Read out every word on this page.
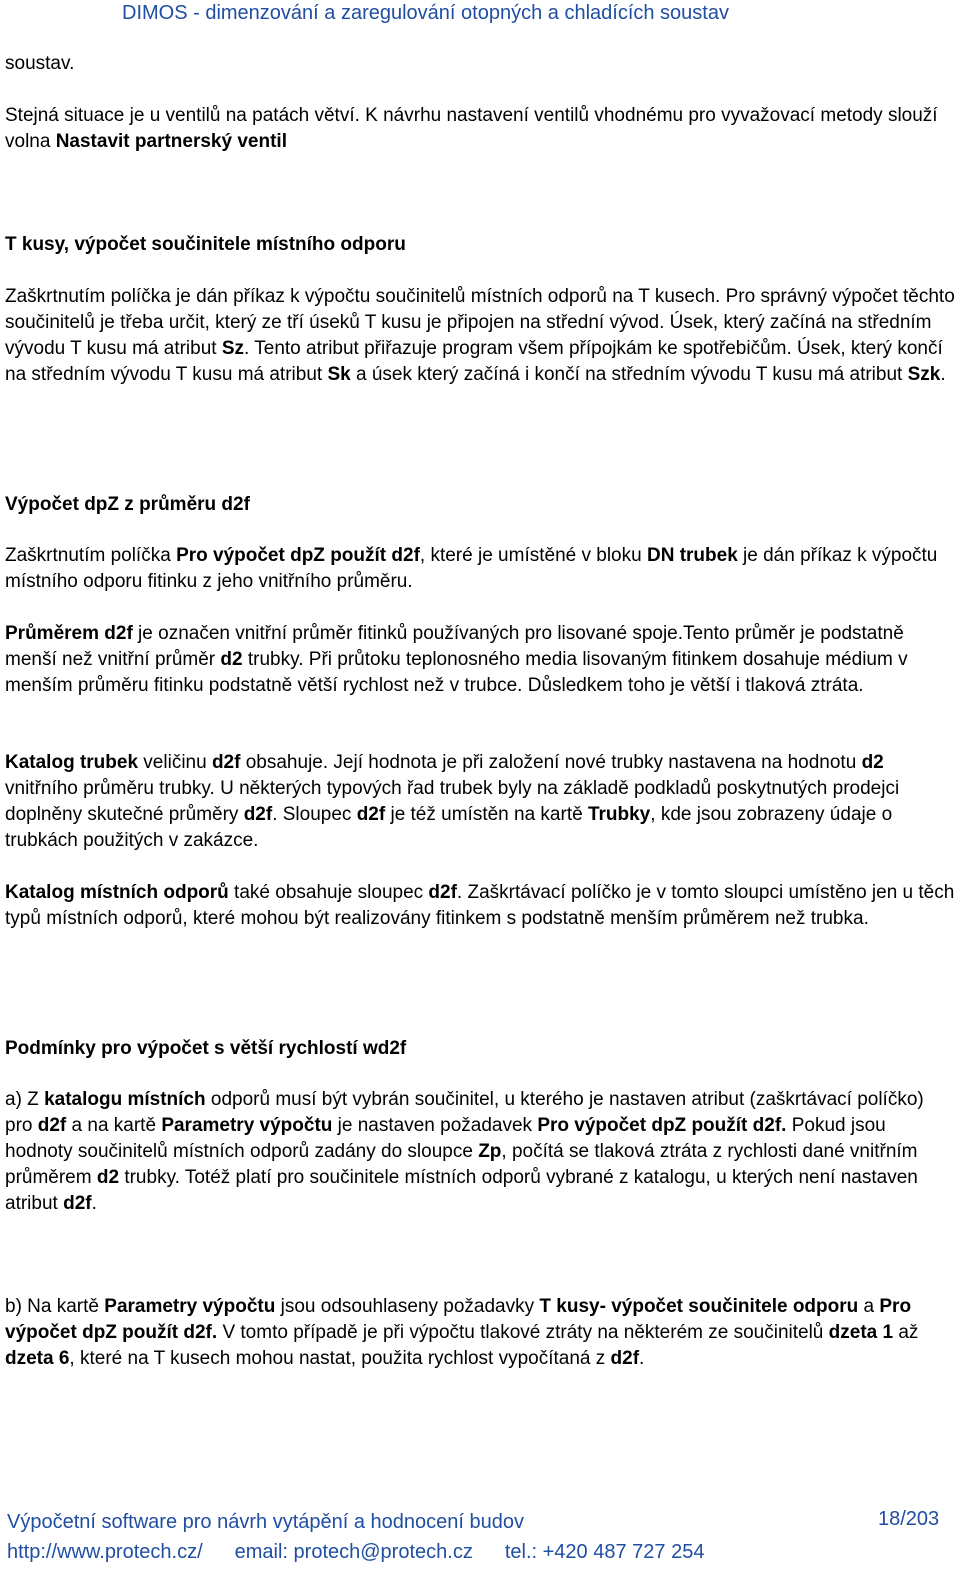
DIMOS - dimenzování a zaregulování otopných a chladících soustav

soustav.

Stejná situace je u ventilů na patách větví. K návrhu nastavení ventilů vhodnému pro vyvažovací metody slouží volna Nastavit partnerský ventil

T kusy, výpočet součinitele místního odporu

Zaškrtnutím políčka je dán příkaz k výpočtu součinitelů místních odporů na T kusech. Pro správný výpočet těchto součinitelů je třeba určit, který ze tří úseků T kusu je připojen na střední vývod. Úsek, který začíná na středním vývodu T kusu má atribut Sz. Tento atribut přiřazuje program všem přípojkám ke spotřebičům. Úsek, který končí na středním vývodu T kusu má atribut Sk a úsek který začíná i končí na středním vývodu T kusu má atribut Szk.

Výpočet dpZ z průměru d2f

Zaškrtnutím políčka Pro výpočet dpZ použít d2f, které je umístěné v bloku DN trubek je dán příkaz k výpočtu místního odporu fitinku z jeho vnitřního průměru.

Průměrem d2f je označen vnitřní průměr fitinků používaných pro lisované spoje.Tento průměr je podstatně menší než vnitřní průměr d2 trubky. Při průtoku teplonosného media lisovaným fitinkem dosahuje médium v menším průměru fitinku podstatně větší rychlost než v trubce. Důsledkem toho je větší i tlaková ztráta.

Katalog trubek veličinu d2f obsahuje. Její hodnota je při založení nové trubky nastavena na hodnotu d2 vnitřního průměru trubky. U některých typových řad trubek byly na základě podkladů poskytnutých prodejci doplněny skutečné průměry d2f. Sloupec d2f je též umístěn na kartě Trubky, kde jsou zobrazeny údaje o trubkách použitých v zakázce.

Katalog místních odporů také obsahuje sloupec d2f. Zaškrtávací políčko je v tomto sloupci umístěno jen u těch typů místních odporů, které mohou být realizovány fitinkem s podstatně menším průměrem než trubka.

Podmínky pro výpočet s větší rychlostí wd2f

a) Z katalogu místních odporů musí být vybrán součinitel, u kterého je nastaven atribut (zaškrtávací políčko) pro d2f a na kartě Parametry výpočtu je nastaven požadavek Pro výpočet dpZ použít d2f. Pokud jsou hodnoty součinitelů místních odporů zadány do sloupce Zp, počítá se tlaková ztráta z rychlosti dané vnitřním průměrem d2 trubky. Totéž platí pro součinitele místních odporů vybrané z katalogu, u kterých není nastaven atribut d2f.

b) Na kartě Parametry výpočtu jsou odsouhlaseny požadavky T kusy- výpočet součinitele odporu a Pro výpočet dpZ použít d2f. V tomto případě je při výpočtu tlakové ztráty na některém ze součinitelů dzeta 1 až dzeta 6, které na T kusech mohou nastat, použita rychlost vypočítaná z d2f.

Výpočetní software pro návrh vytápění a hodnocení budov	18/203
http://www.protech.cz/ email: protech@protech.cz tel.: +420 487 727 254
